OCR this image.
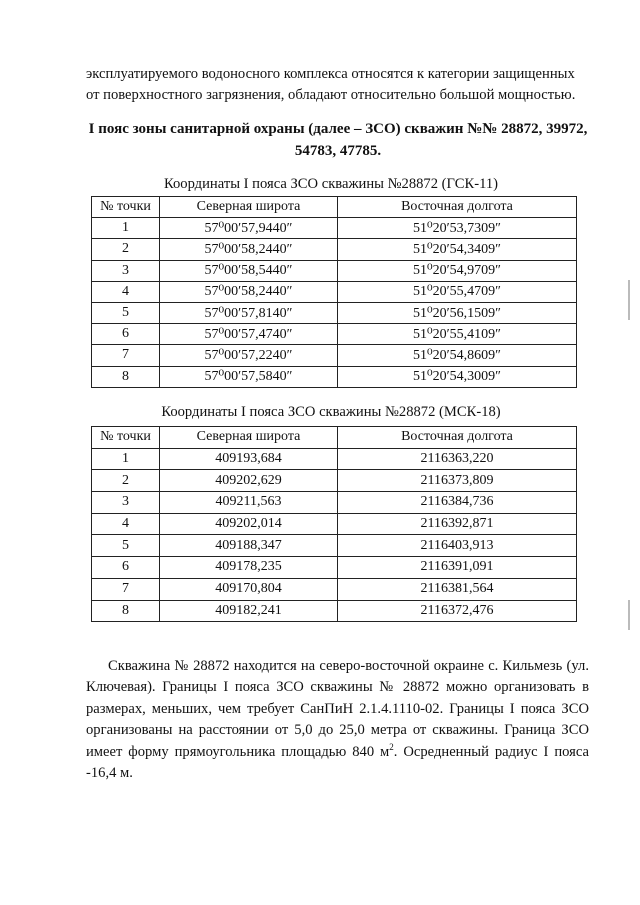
эксплуатируемого водоносного комплекса относятся к категории защищенных от поверхностного загрязнения, обладают относительно большой мощностью.

I пояс зоны санитарной охраны (далее – ЗСО) скважин №№ 28872, 39972, 54783, 47785.

Координаты I пояса ЗСО скважины №28872 (ГСК-11)

№ точки	Северная широта	Восточная долгота
1	57⁰00′57,9440″	51⁰20′53,7309″
2	57⁰00′58,2440″	51⁰20′54,3409″
3	57⁰00′58,5440″	51⁰20′54,9709″
4	57⁰00′58,2440″	51⁰20′55,4709″
5	57⁰00′57,8140″	51⁰20′56,1509″
6	57⁰00′57,4740″	51⁰20′55,4109″
7	57⁰00′57,2240″	51⁰20′54,8609″
8	57⁰00′57,5840″	51⁰20′54,3009″

Координаты I пояса ЗСО скважины №28872 (МСК-18)

№ точки	Северная широта	Восточная долгота
1	409193,684	2116363,220
2	409202,629	2116373,809
3	409211,563	2116384,736
4	409202,014	2116392,871
5	409188,347	2116403,913
6	409178,235	2116391,091
7	409170,804	2116381,564
8	409182,241	2116372,476

Скважина № 28872 находится на северо-восточной окраине с. Кильмезь (ул. Ключевая). Границы I пояса ЗСО скважины № 28872 можно организовать в размерах, меньших, чем требует СанПиН 2.1.4.1110-02. Границы I пояса ЗСО организованы на расстоянии от 5,0 до 25,0 метра от скважины. Граница ЗСО имеет форму прямоугольника площадью 840 $м^2$. Осредненный радиус I пояса -16,4 м.
